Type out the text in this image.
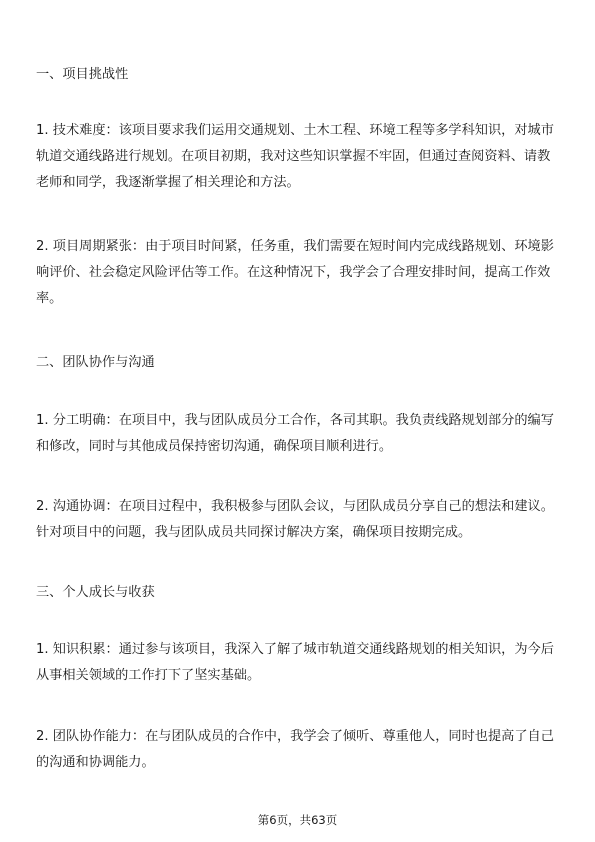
一、项目挑战性

1. 技术难度：该项目要求我们运用交通规划、土木工程、环境工程等多学科知识，对城市轨道交通线路进行规划。在项目初期，我对这些知识掌握不牢固，但通过查阅资料、请教老师和同学，我逐渐掌握了相关理论和方法。

2. 项目周期紧张：由于项目时间紧，任务重，我们需要在短时间内完成线路规划、环境影响评价、社会稳定风险评估等工作。在这种情况下，我学会了合理安排时间，提高工作效率。

二、团队协作与沟通

1. 分工明确：在项目中，我与团队成员分工合作，各司其职。我负责线路规划部分的编写和修改，同时与其他成员保持密切沟通，确保项目顺利进行。

2. 沟通协调：在项目过程中，我积极参与团队会议，与团队成员分享自己的想法和建议。针对项目中的问题，我与团队成员共同探讨解决方案，确保项目按期完成。

三、个人成长与收获

1. 知识积累：通过参与该项目，我深入了解了城市轨道交通线路规划的相关知识，为今后从事相关领域的工作打下了坚实基础。

2. 团队协作能力：在与团队成员的合作中，我学会了倾听、尊重他人，同时也提高了自己的沟通和协调能力。

第6页，共63页
